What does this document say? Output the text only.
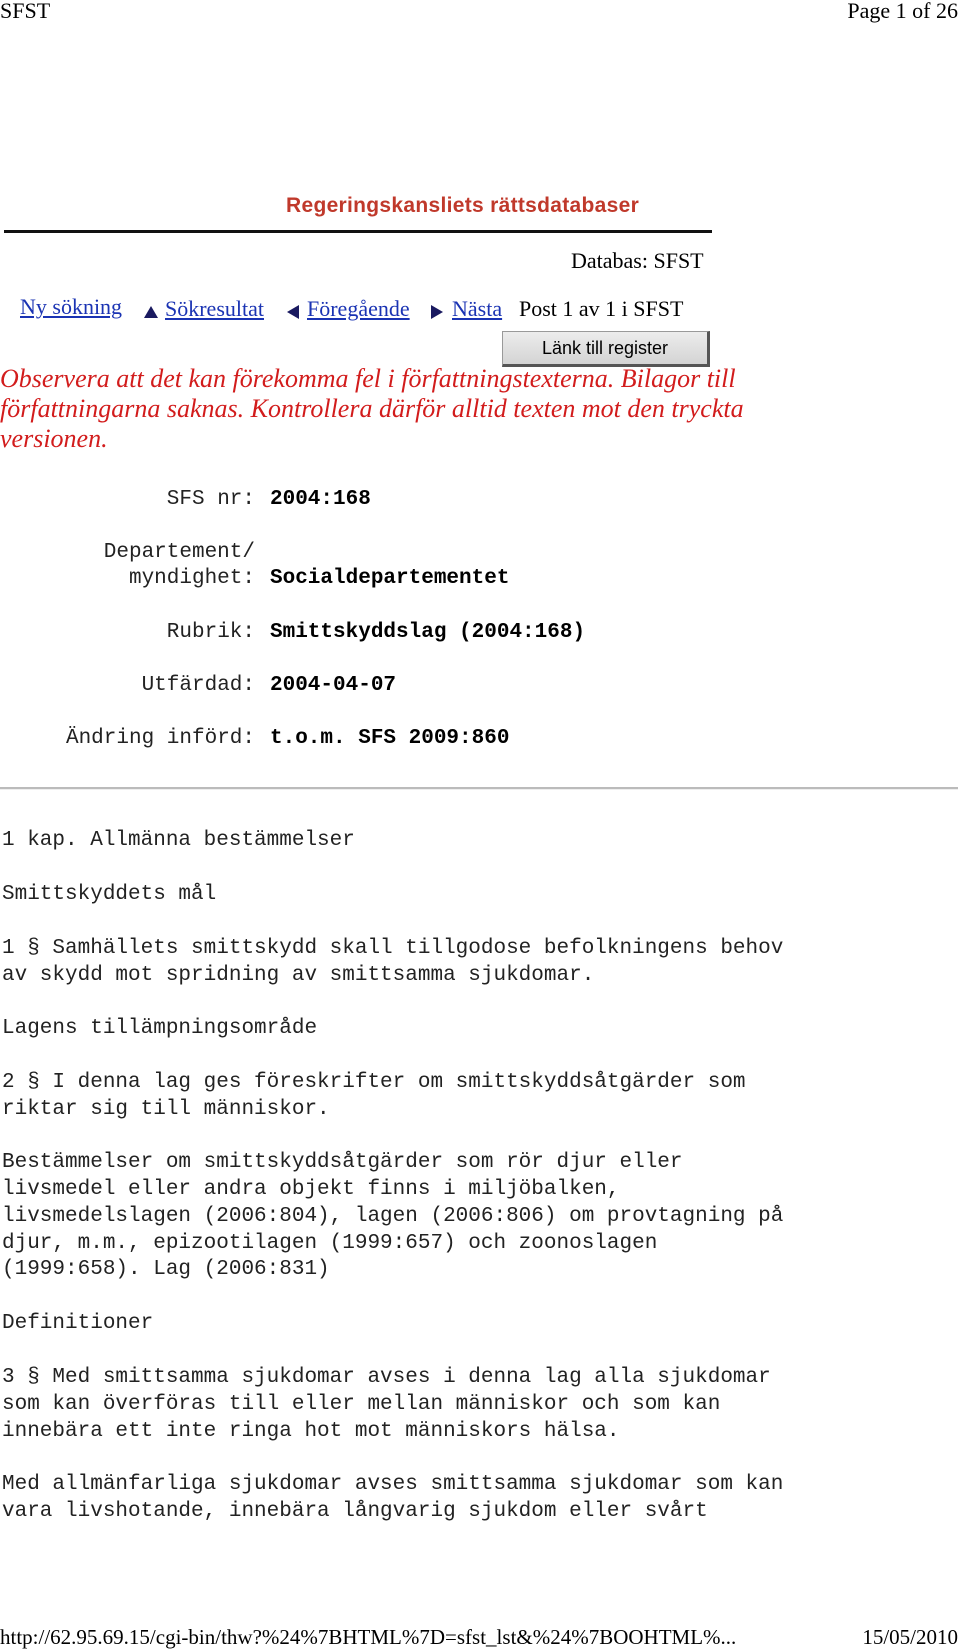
SFST	Page 1 of 26
Regeringskansliets rättsdatabaser
Databas: SFST
Ny sökning Sökresultat Föregående Nästa Post 1 av 1 i SFST
Länk till register
Observera att det kan förekomma fel i författningstexterna. Bilagor till
författningarna saknas. Kontrollera därför alltid texten mot den tryckta
versionen.
SFS nr: 2004:168
Departement/
myndighet: Socialdepartementet
Rubrik: Smittskyddslag (2004:168)
Utfärdad: 2004-04-07
Ändring införd: t.o.m. SFS 2009:860
1 kap. Allmänna bestämmelser
Smittskyddets mål
1 § Samhällets smittskydd skall tillgodose befolkningens behov
av skydd mot spridning av smittsamma sjukdomar.
Lagens tillämpningsområde
2 § I denna lag ges föreskrifter om smittskyddsåtgärder som
riktar sig till människor.
Bestämmelser om smittskyddsåtgärder som rör djur eller
livsmedel eller andra objekt finns i miljöbalken,
livsmedelslagen (2006:804), lagen (2006:806) om provtagning på
djur, m.m., epizootilagen (1999:657) och zoonoslagen
(1999:658). Lag (2006:831)
Definitioner
3 § Med smittsamma sjukdomar avses i denna lag alla sjukdomar
som kan överföras till eller mellan människor och som kan
innebära ett inte ringa hot mot människors hälsa.
Med allmänfarliga sjukdomar avses smittsamma sjukdomar som kan
vara livshotande, innebära långvarig sjukdom eller svårt
http://62.95.69.15/cgi-bin/thw?%24%7BHTML%7D=sfst_lst&%24%7BOOHTML%...	15/05/2010
